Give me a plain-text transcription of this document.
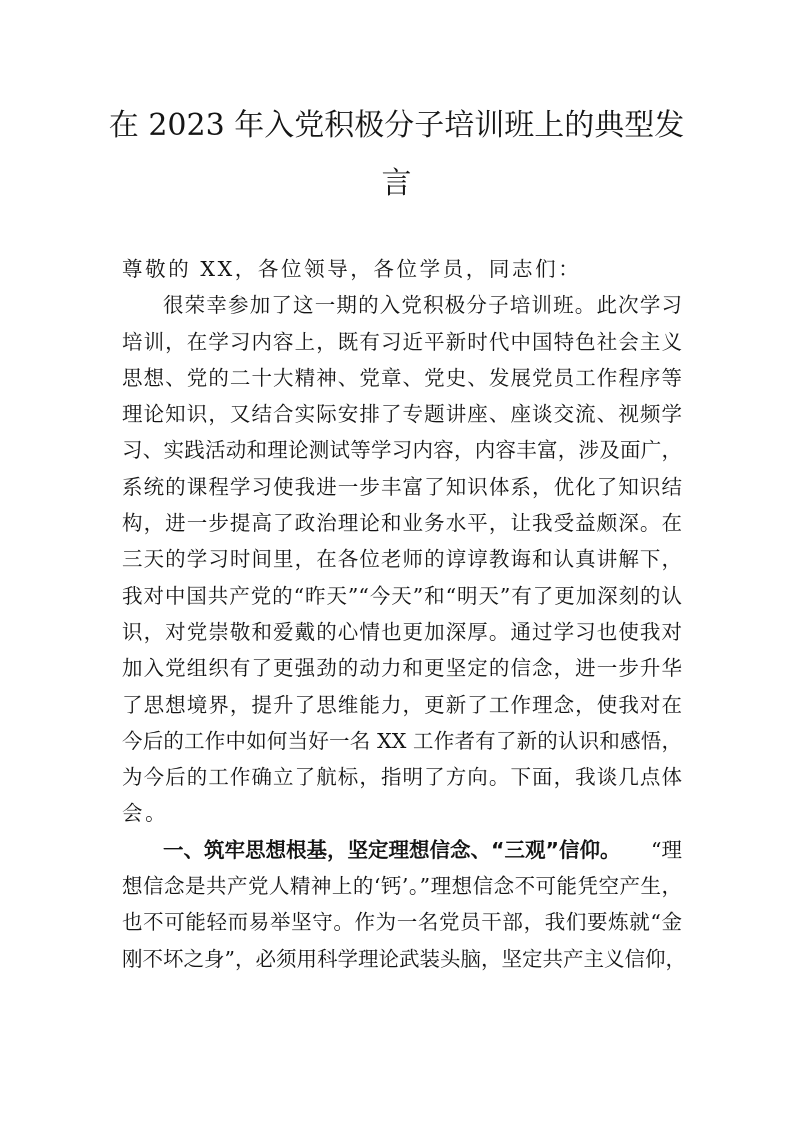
在 2023 年入党积极分子培训班上的典型发
言
尊敬的 XX，各位领导，各位学员，同志们：
很荣幸参加了这一期的入党积极分子培训班。此次学习
培训，在学习内容上，既有习近平新时代中国特色社会主义
思想、党的二十大精神、党章、党史、发展党员工作程序等
理论知识，又结合实际安排了专题讲座、座谈交流、视频学
习、实践活动和理论测试等学习内容，内容丰富，涉及面广，
系统的课程学习使我进一步丰富了知识体系，优化了知识结
构，进一步提高了政治理论和业务水平，让我受益颇深。在
三天的学习时间里，在各位老师的谆谆教诲和认真讲解下，
我对中国共产党的“昨天”“今天”和“明天”有了更加深刻的认
识，对党崇敬和爱戴的心情也更加深厚。通过学习也使我对
加入党组织有了更强劲的动力和更坚定的信念，进一步升华
了思想境界，提升了思维能力，更新了工作理念，使我对在
今后的工作中如何当好一名 XX 工作者有了新的认识和感悟，
为今后的工作确立了航标，指明了方向。下面，我谈几点体
会。
一、筑牢思想根基，坚定理想信念、“三观”信仰。 “理
想信念是共产党人精神上的‘钙’。”理想信念不可能凭空产生，
也不可能轻而易举坚守。作为一名党员干部，我们要炼就“金
刚不坏之身”，必须用科学理论武装头脑，坚定共产主义信仰，
